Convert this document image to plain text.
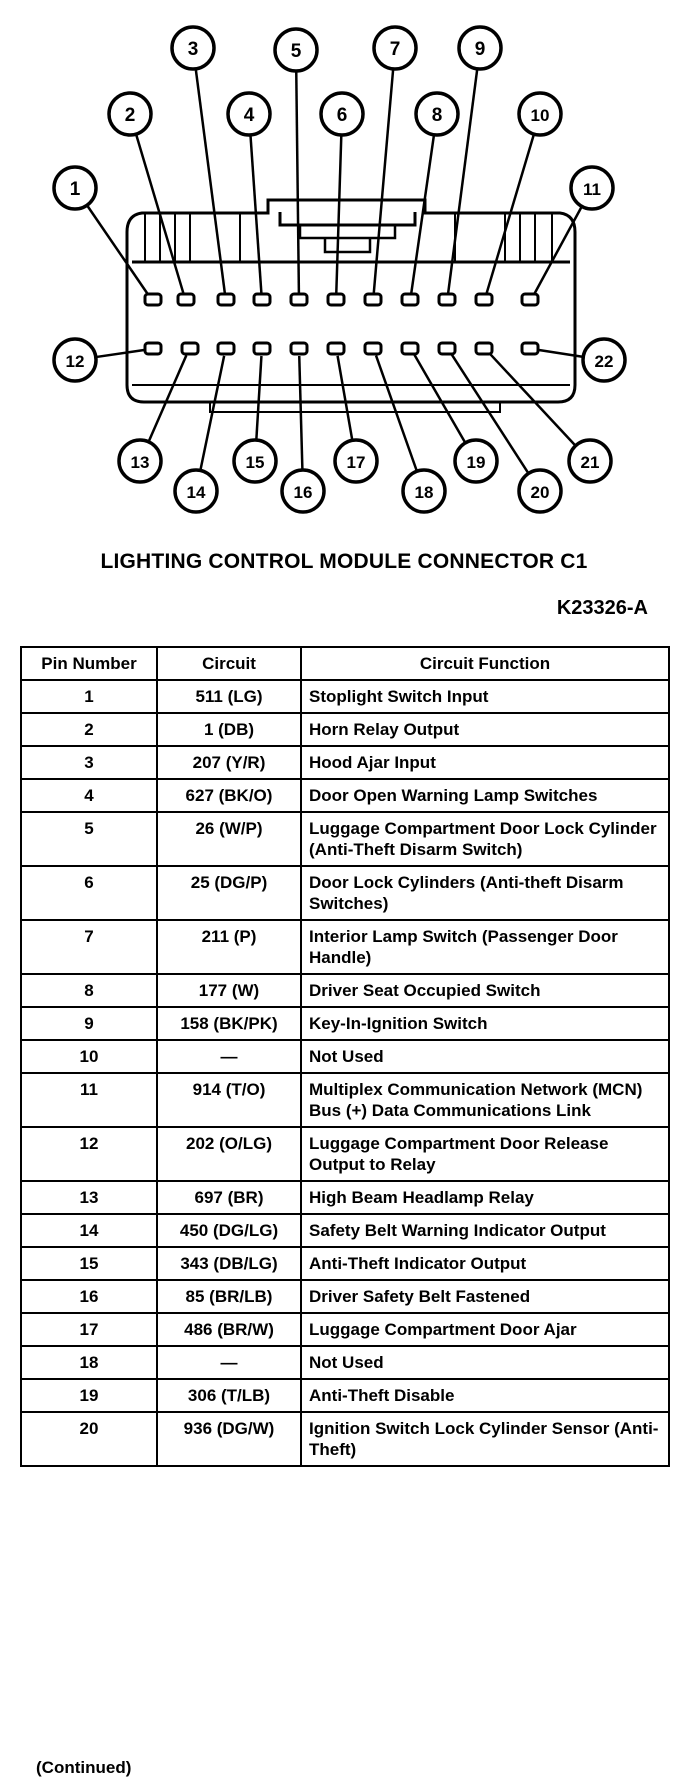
1
2
3
4
5
6
7
8
9
10
11
12
13
14
15
16
17
18
19
20
21
22
LIGHTING CONTROL MODULE CONNECTOR C1
K23326-A
Pin Number	Circuit	Circuit Function
1	511 (LG)	Stoplight Switch Input
2	1 (DB)	Horn Relay Output
3	207 (Y/R)	Hood Ajar Input
4	627 (BK/O)	Door Open Warning Lamp Switches
5	26 (W/P)	Luggage Compartment Door Lock Cylinder (Anti-Theft Disarm Switch)
6	25 (DG/P)	Door Lock Cylinders (Anti-theft Disarm Switches)
7	211 (P)	Interior Lamp Switch (Passenger Door Handle)
8	177 (W)	Driver Seat Occupied Switch
9	158 (BK/PK)	Key-In-Ignition Switch
10	—	Not Used
11	914 (T/O)	Multiplex Communication Network (MCN) Bus (+) Data Communications Link
12	202 (O/LG)	Luggage Compartment Door Release Output to Relay
13	697 (BR)	High Beam Headlamp Relay
14	450 (DG/LG)	Safety Belt Warning Indicator Output
15	343 (DB/LG)	Anti-Theft Indicator Output
16	85 (BR/LB)	Driver Safety Belt Fastened
17	486 (BR/W)	Luggage Compartment Door Ajar
18	—	Not Used
19	306 (T/LB)	Anti-Theft Disable
20	936 (DG/W)	Ignition Switch Lock Cylinder Sensor (Anti-Theft)
(Continued)
